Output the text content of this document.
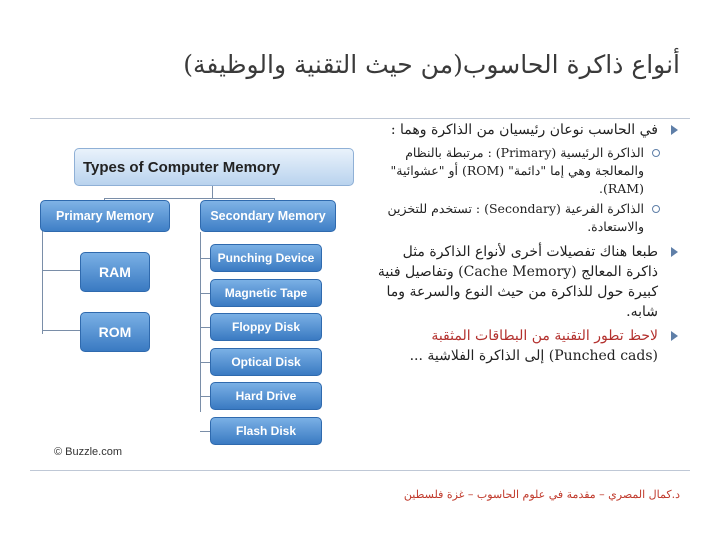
أنواع ذاكرة الحاسوب(من حيث التقنية والوظيفة)
Types of Computer Memory
Primary Memory	Secondary Memory
RAM
ROM
Punching Device
Magnetic Tape
Floppy Disk
Optical Disk
Hard Drive
Flash Disk
© Buzzle.com
في الحاسب نوعان رئيسيان من الذاكرة وهما :
الذاكرة الرئيسية (Primary) : مرتبطة بالنظام
والمعالجة وهي إما "دائمة" (ROM) أو "عشوائية"
(RAM).
الذاكرة الفرعية (Secondary) : تستخدم للتخزين
والاستعادة.
طبعا هناك تفصيلات أخرى لأنواع الذاكرة مثل
ذاكرة المعالج (Cache Memory) وتفاصيل فنية
كبيرة حول للذاكرة من حيث النوع والسرعة وما
شابه.
لاحظ تطور التقنية من البطاقات المثقبة
(Punched cads) إلى الذاكرة الفلاشية ...
د.كمال المصري – مقدمة في علوم الحاسوب – غزة فلسطين
